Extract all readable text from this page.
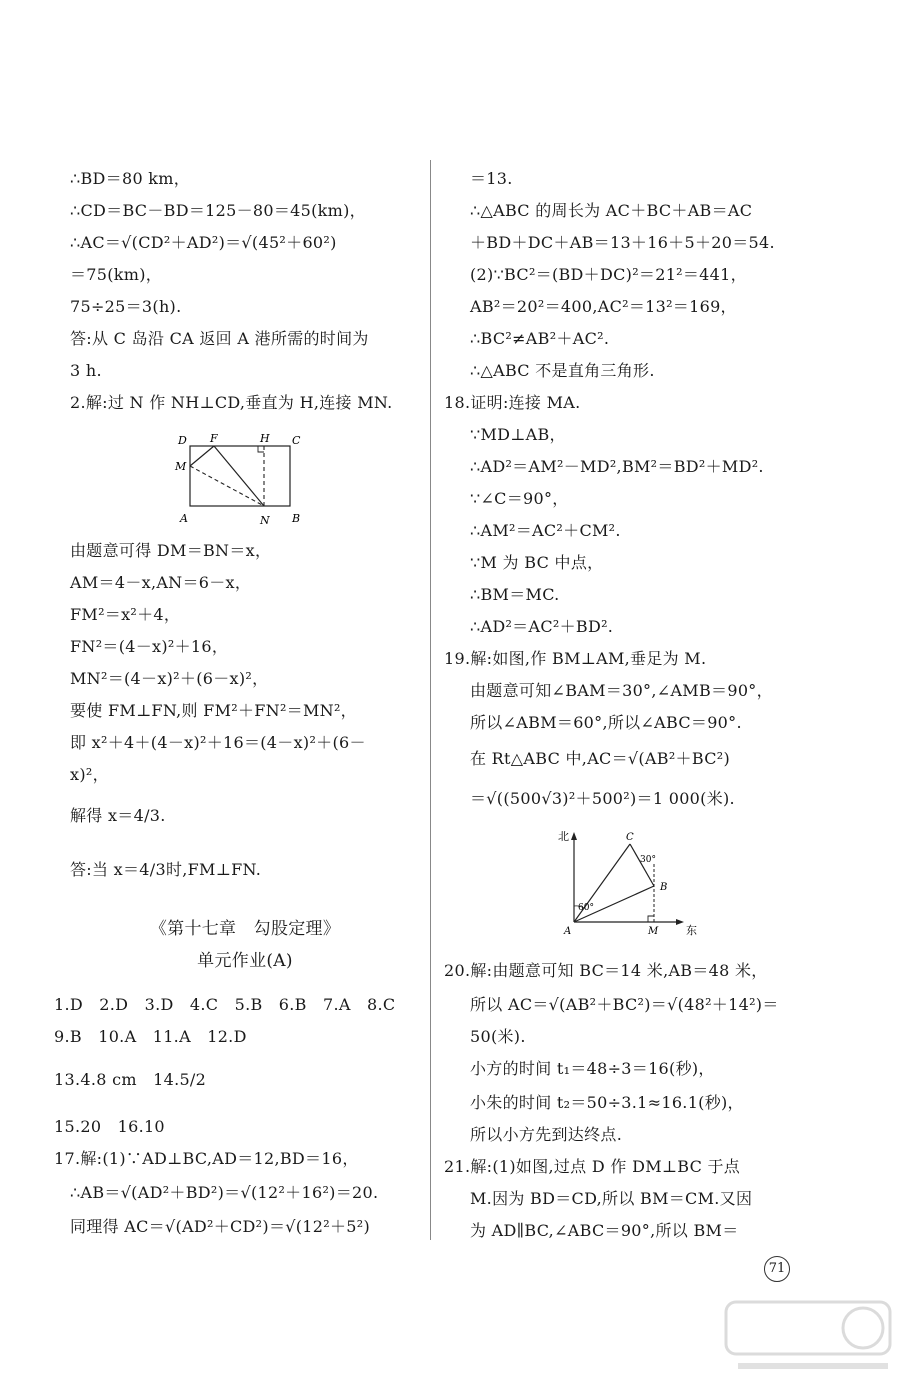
∴BD＝80 km，
∴CD＝BC－BD＝125－80＝45(km)，
∴AC＝√(CD²＋AD²)＝√(45²＋60²)
＝75(km)，
75÷25＝3(h).
答:从 C 岛沿 CA 返回 A 港所需的时间为
3 h.
2.解:过 N 作 NH⊥CD,垂直为 H,连接 MN.
D F	H C
M
A	N B
由题意可得 DM＝BN＝x，
AM＝4－x,AN＝6－x，
FM²＝x²＋4，
FN²＝(4－x)²＋16，
MN²＝(4－x)²＋(6－x)²，
要使 FM⊥FN,则 FM²＋FN²＝MN²，
即 x²＋4＋(4－x)²＋16＝(4－x)²＋(6－
x)²，
解得 x＝4/3.
答:当 x＝4/3时,FM⊥FN.
《第十七章　勾股定理》
单元作业(A)
1.D　2.D　3.D　4.C　5.B　6.B　7.A　8.C
9.B　10.A　11.A　12.D
13.4.8 cm　14.5/2
15.20　16.10
17.解:(1)∵AD⊥BC,AD＝12,BD＝16，
∴AB＝√(AD²＋BD²)＝√(12²＋16²)＝20.
同理得 AC＝√(AD²＋CD²)＝√(12²＋5²)
＝13.
∴△ABC 的周长为 AC＋BC＋AB＝AC
＋BD＋DC＋AB＝13＋16＋5＋20＝54.
(2)∵BC²＝(BD＋DC)²＝21²＝441，
AB²＝20²＝400,AC²＝13²＝169，
∴BC²≠AB²＋AC².
∴△ABC 不是直角三角形.
18.证明:连接 MA.
∵MD⊥AB，
∴AD²＝AM²－MD²,BM²＝BD²＋MD².
∵∠C＝90°，
∴AM²＝AC²＋CM².
∵M 为 BC 中点，
∴BM＝MC.
∴AD²＝AC²＋BD².
19.解:如图,作 BM⊥AM,垂足为 M.
由题意可知∠BAM＝30°,∠AMB＝90°，
所以∠ABM＝60°,所以∠ABC＝90°.
在 Rt△ABC 中,AC＝√(AB²＋BC²)
＝√((500√3)²＋500²)＝1 000(米).
北
东
C
B
A	M
60°
30°
20.解:由题意可知 BC＝14 米,AB＝48 米，
所以 AC＝√(AB²＋BC²)＝√(48²＋14²)＝
50(米).
小方的时间 t₁＝48÷3＝16(秒)，
小朱的时间 t₂＝50÷3.1≈16.1(秒)，
所以小方先到达终点.
21.解:(1)如图,过点 D 作 DM⊥BC 于点
M.因为 BD＝CD,所以 BM＝CM.又因
为 AD∥BC,∠ABC＝90°,所以 BM＝
71
